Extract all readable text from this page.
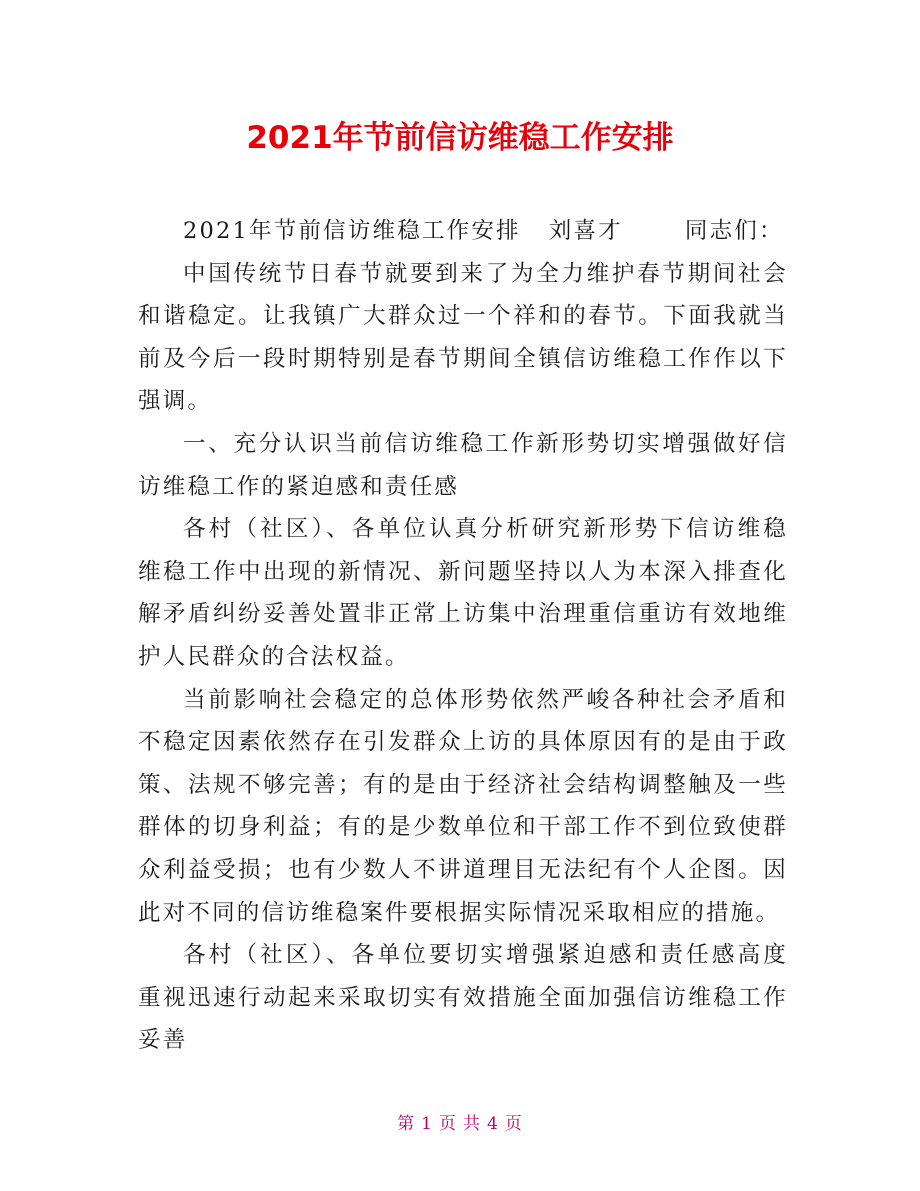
2021年节前信访维稳工作安排

2021年节前信访维稳工作安排 刘喜才	同志们：

中国传统节日春节就要到来了为全力维护春节期间社会和谐稳定。让我镇广大群众过一个祥和的春节。下面我就当前及今后一段时期特别是春节期间全镇信访维稳工作作以下强调。

一、充分认识当前信访维稳工作新形势切实增强做好信访维稳工作的紧迫感和责任感

各村（社区）、各单位认真分析研究新形势下信访维稳维稳工作中出现的新情况、新问题坚持以人为本深入排查化解矛盾纠纷妥善处置非正常上访集中治理重信重访有效地维护人民群众的合法权益。

当前影响社会稳定的总体形势依然严峻各种社会矛盾和不稳定因素依然存在引发群众上访的具体原因有的是由于政策、法规不够完善；有的是由于经济社会结构调整触及一些群体的切身利益；有的是少数单位和干部工作不到位致使群众利益受损；也有少数人不讲道理目无法纪有个人企图。因此对不同的信访维稳案件要根据实际情况采取相应的措施。

各村（社区）、各单位要切实增强紧迫感和责任感高度重视迅速行动起来采取切实有效措施全面加强信访维稳工作妥善

第 1 页 共 4 页
